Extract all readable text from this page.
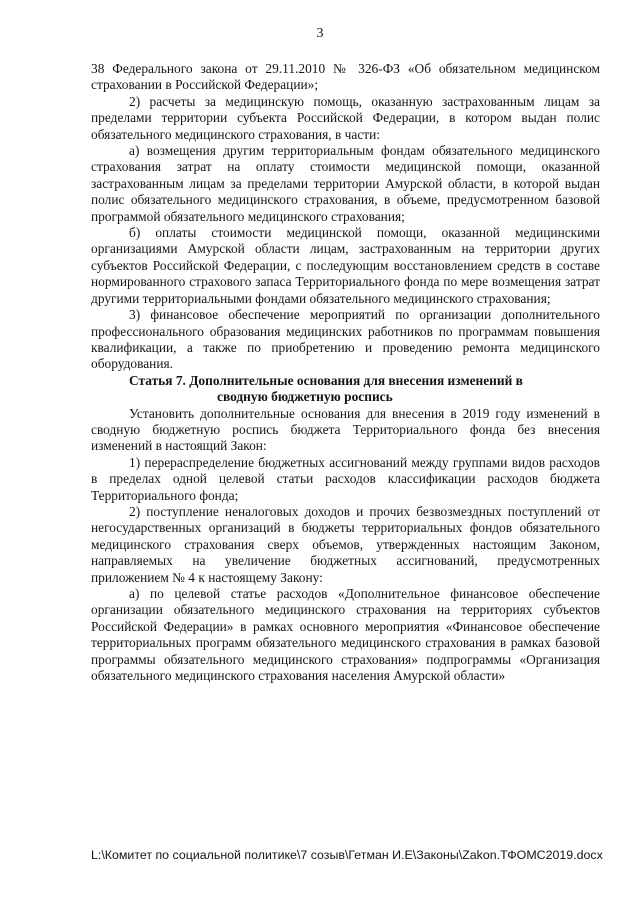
3

38 Федерального закона от 29.11.2010 № 326-ФЗ «Об обязательном медицинском страховании в Российской Федерации»;

2) расчеты за медицинскую помощь, оказанную застрахованным лицам за пределами территории субъекта Российской Федерации, в котором выдан полис обязательного медицинского страхования, в части:

а) возмещения другим территориальным фондам обязательного медицинского страхования затрат на оплату стоимости медицинской помощи, оказанной застрахованным лицам за пределами территории Амурской области, в которой выдан полис обязательного медицинского страхования, в объеме, предусмотренном базовой программой обязательного медицинского страхования;

б) оплаты стоимости медицинской помощи, оказанной медицинскими организациями Амурской области лицам, застрахованным на территории других субъектов Российской Федерации, с последующим восстановлением средств в составе нормированного страхового запаса Территориального фонда по мере возмещения затрат другими территориальными фондами обязательного медицинского страхования;

3) финансовое обеспечение мероприятий по организации дополнительного профессионального образования медицинских работников по программам повышения квалификации, а также по приобретению и проведению ремонта медицинского оборудования.

Статья 7. Дополнительные основания для внесения изменений в
сводную бюджетную роспись

Установить дополнительные основания для внесения в 2019 году изменений в сводную бюджетную роспись бюджета Территориального фонда без внесения изменений в настоящий Закон:

1) перераспределение бюджетных ассигнований между группами видов расходов в пределах одной целевой статьи расходов классификации расходов бюджета Территориального фонда;

2) поступление неналоговых доходов и прочих безвозмездных поступлений от негосударственных организаций в бюджеты территориальных фондов обязательного медицинского страхования сверх объемов, утвержденных настоящим Законом, направляемых на увеличение бюджетных ассигнований, предусмотренных приложением № 4 к настоящему Закону:

а) по целевой статье расходов «Дополнительное финансовое обеспечение организации обязательного медицинского страхования на территориях субъектов Российской Федерации» в рамках основного мероприятия «Финансовое обеспечение территориальных программ обязательного медицинского страхования в рамках базовой программы обязательного медицинского страхования» подпрограммы «Организация обязательного медицинского страхования населения Амурской области»

L:\Комитет по социальной политике\7 созыв\Гетман И.Е\Законы\Zakon.ТФОМС2019.docx
